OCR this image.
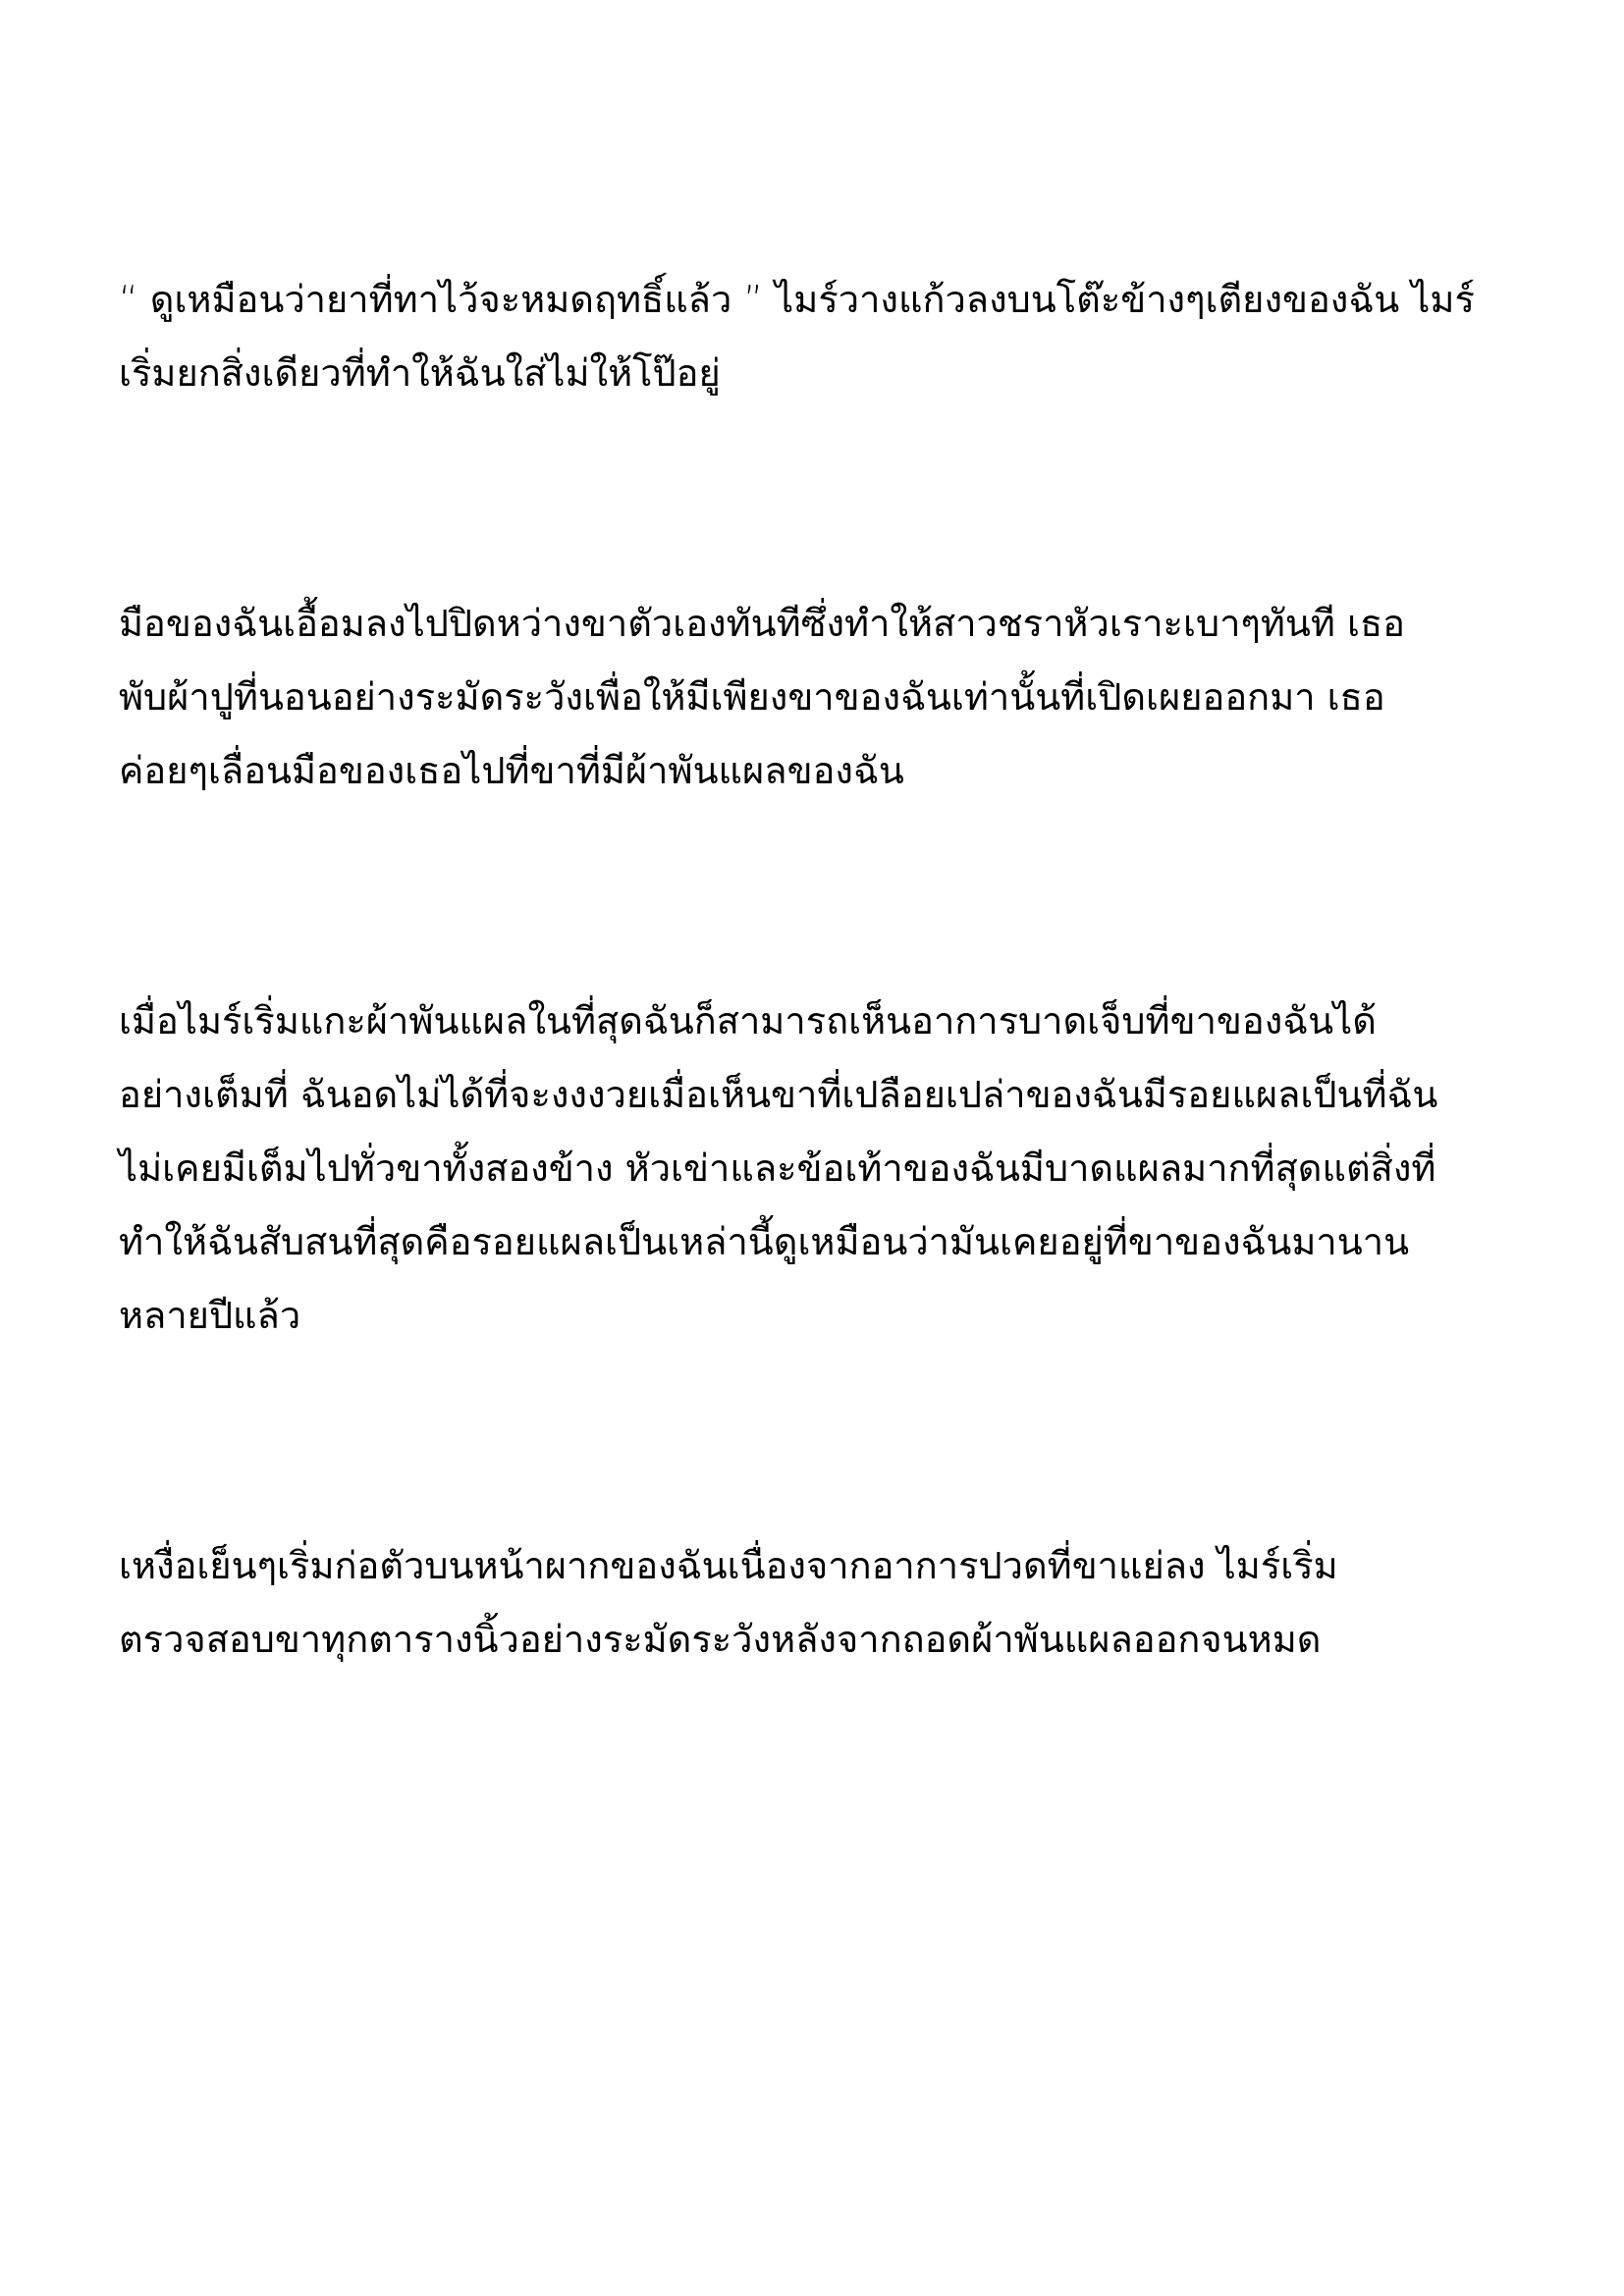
“ ดูเหมือนว่ายาที่ทาไว้จะหมดฤทธิ์แล้ว ” ไมร์วางแก้วลงบนโต๊ะข้างๆเตียงของฉัน ไมร์
เริ่มยกสิ่งเดียวที่ทำให้ฉันใส่ไม่ให้โป๊อยู่
มือของฉันเอื้อมลงไปปิดหว่างขาตัวเองทันทีซึ่งทำให้สาวชราหัวเราะเบาๆทันที เธอ
พับผ้าปูที่นอนอย่างระมัดระวังเพื่อให้มีเพียงขาของฉันเท่านั้นที่เปิดเผยออกมา เธอ
ค่อยๆเลื่อนมือของเธอไปที่ขาที่มีผ้าพันแผลของฉัน
เมื่อไมร์เริ่มแกะผ้าพันแผลในที่สุดฉันก็สามารถเห็นอาการบาดเจ็บที่ขาของฉันได้
อย่างเต็มที่ ฉันอดไม่ได้ที่จะงงงวยเมื่อเห็นขาที่เปลือยเปล่าของฉันมีรอยแผลเป็นที่ฉัน
ไม่เคยมีเต็มไปทั่วขาทั้งสองข้าง หัวเข่าและข้อเท้าของฉันมีบาดแผลมากที่สุดแต่สิ่งที่
ทำให้ฉันสับสนที่สุดคือรอยแผลเป็นเหล่านี้ดูเหมือนว่ามันเคยอยู่ที่ขาของฉันมานาน
หลายปีแล้ว
เหงื่อเย็นๆเริ่มก่อตัวบนหน้าผากของฉันเนื่องจากอาการปวดที่ขาแย่ลง ไมร์เริ่ม
ตรวจสอบขาทุกตารางนิ้วอย่างระมัดระวังหลังจากถอดผ้าพันแผลออกจนหมด
